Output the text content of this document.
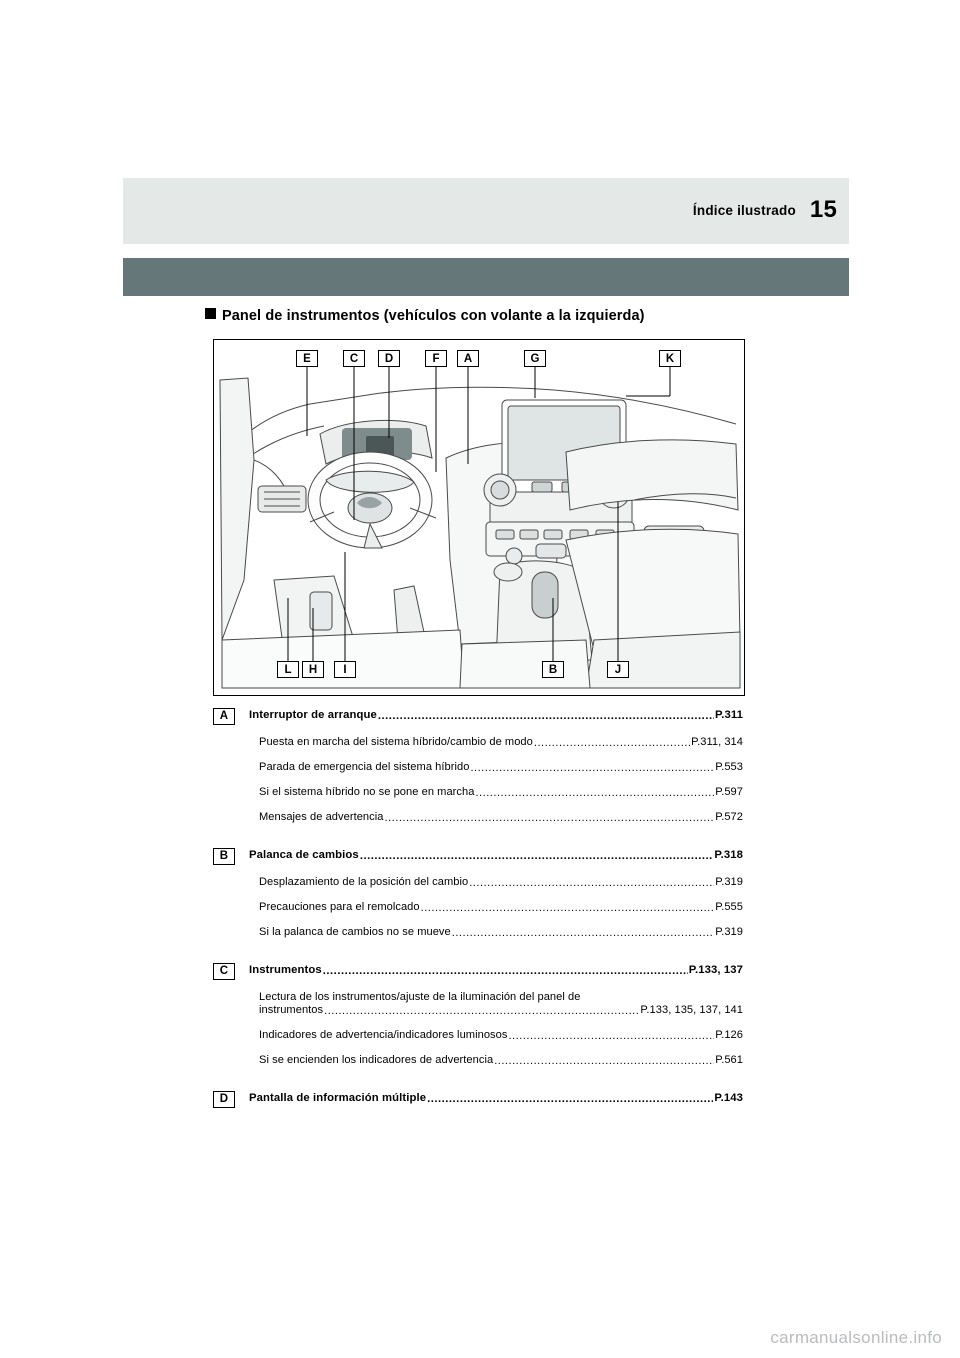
Índice ilustrado 15
Panel de instrumentos (vehículos con volante a la izquierda)
E	C	D	F	A	G	K
L	H	I	B	J
A	Interruptor de arranque .....	P.311
Puesta en marcha del sistema híbrido/cambio de modo .....	P.311, 314
Parada de emergencia del sistema híbrido .....	P.553
Si el sistema híbrido no se pone en marcha .....	P.597
Mensajes de advertencia .....	P.572
B	Palanca de cambios .....	P.318
Desplazamiento de la posición del cambio .....	P.319
Precauciones para el remolcado .....	P.555
Si la palanca de cambios no se mueve .....	P.319
C	Instrumentos .....	P.133, 137
Lectura de los instrumentos/ajuste de la iluminación del panel de
instrumentos .....	P.133, 135, 137, 141
Indicadores de advertencia/indicadores luminosos .....	P.126
Si se encienden los indicadores de advertencia .....	P.561
D	Pantalla de información múltiple .....	P.143
carmanualsonline.info
